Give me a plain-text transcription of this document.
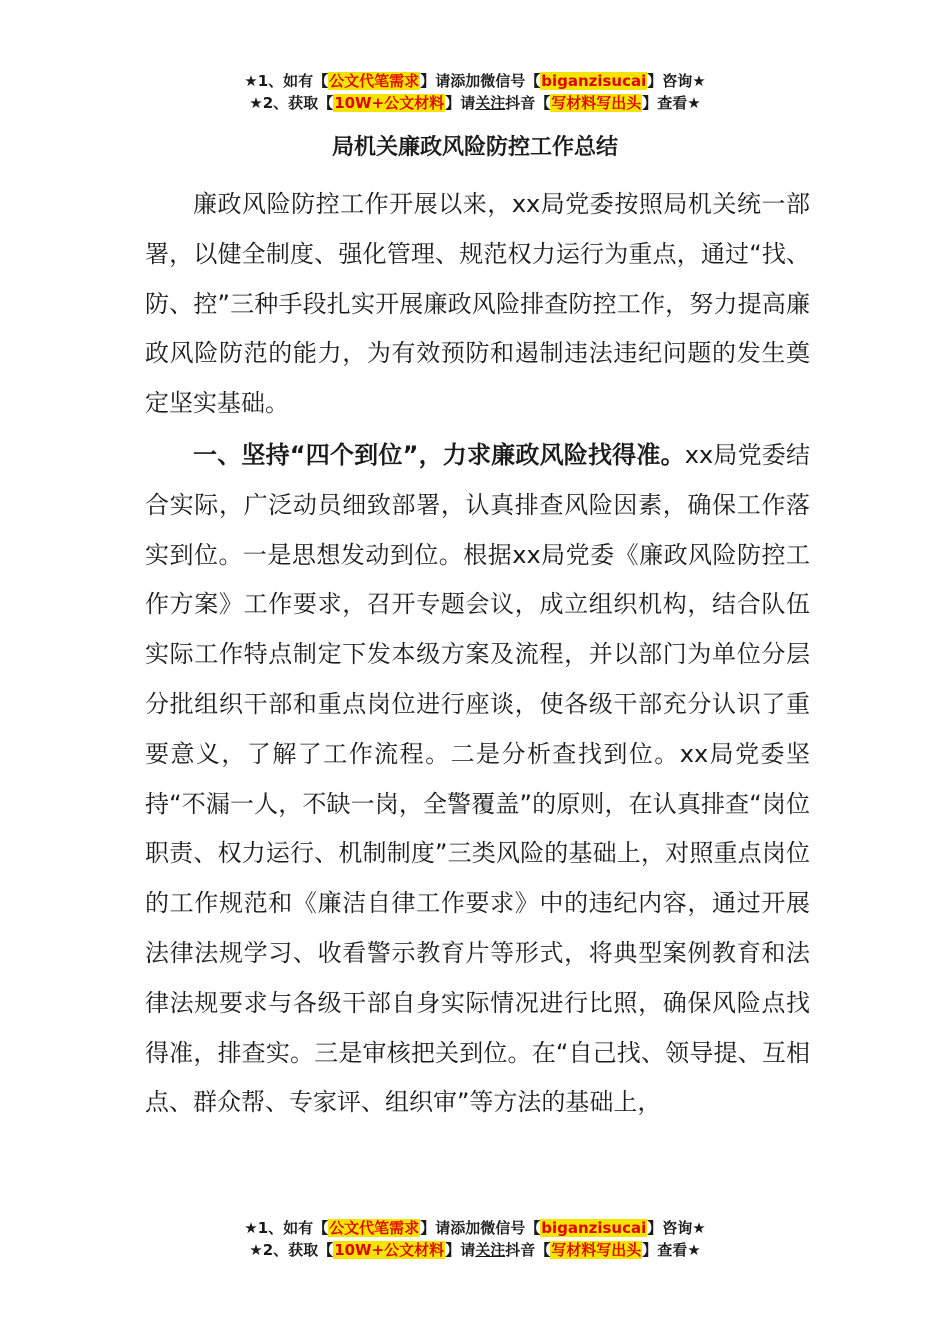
★1、如有【公文代笔需求】请添加微信号【biganzisucai】咨询★
★2、获取【10W+公文材料】请关注抖音【写材料写出头】查看★
局机关廉政风险防控工作总结

廉政风险防控工作开展以来，xx局党委按照局机关统一部署，以健全制度、强化管理、规范权力运行为重点，通过“找、防、控”三种手段扎实开展廉政风险排查防控工作，努力提高廉政风险防范的能力，为有效预防和遏制违法违纪问题的发生奠定坚实基础。

一、坚持“四个到位”，力求廉政风险找得准。xx局党委结合实际，广泛动员细致部署，认真排查风险因素，确保工作落实到位。一是思想发动到位。根据xx局党委《廉政风险防控工作方案》工作要求，召开专题会议，成立组织机构，结合队伍实际工作特点制定下发本级方案及流程，并以部门为单位分层分批组织干部和重点岗位进行座谈，使各级干部充分认识了重要意义，了解了工作流程。二是分析查找到位。xx局党委坚持“不漏一人，不缺一岗，全警覆盖”的原则，在认真排查“岗位职责、权力运行、机制制度”三类风险的基础上，对照重点岗位的工作规范和《廉洁自律工作要求》中的违纪内容，通过开展法律法规学习、收看警示教育片等形式，将典型案例教育和法律法规要求与各级干部自身实际情况进行比照，确保风险点找得准，排查实。三是审核把关到位。在“自己找、领导提、互相点、群众帮、专家评、组织审”等方法的基础上，

★1、如有【公文代笔需求】请添加微信号【biganzisucai】咨询★
★2、获取【10W+公文材料】请关注抖音【写材料写出头】查看★
